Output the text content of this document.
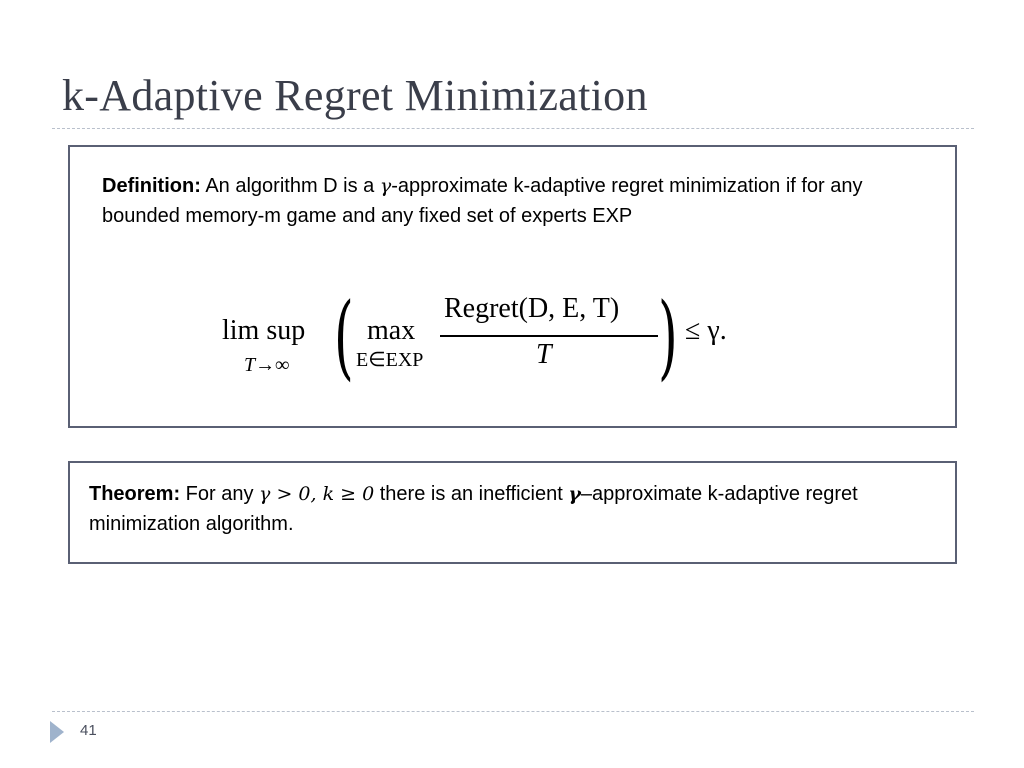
k-Adaptive Regret Minimization
Definition: An algorithm D is a γ-approximate k-adaptive regret minimization if for any bounded memory-m game and any fixed set of experts EXP
lim sup
T→∞ ( max
E∈EXP
Regret(D, E, T)
T ) ≤ γ.
Theorem: For any γ > 0, k ≥ 0 there is an inefficient γ–approximate k-adaptive regret minimization algorithm.
41
